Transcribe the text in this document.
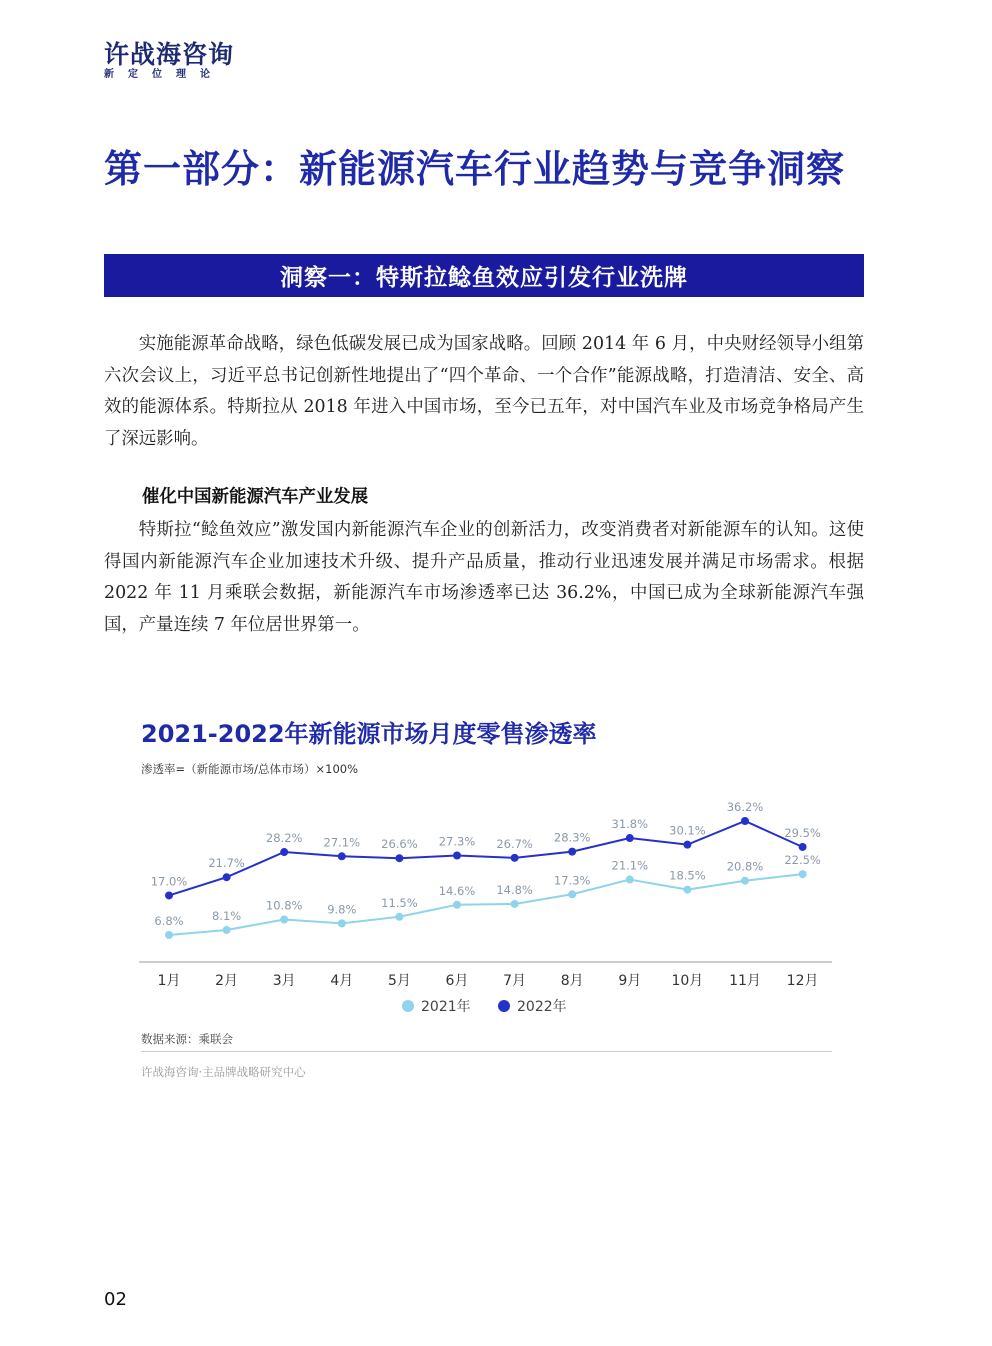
许战海咨询
新定位理论
第一部分：新能源汽车行业趋势与竞争洞察
洞察一：特斯拉鲶鱼效应引发行业洗牌

实施能源革命战略，绿色低碳发展已成为国家战略。回顾 2014 年 6 月，中央财经领导小组第六次会议上，习近平总书记创新性地提出了“四个革命、一个合作”能源战略，打造清洁、安全、高效的能源体系。特斯拉从 2018 年进入中国市场，至今已五年，对中国汽车业及市场竞争格局产生了深远影响。

催化中国新能源汽车产业发展

特斯拉“鲶鱼效应”激发国内新能源汽车企业的创新活力，改变消费者对新能源车的认知。这使得国内新能源汽车企业加速技术升级、提升产品质量，推动行业迅速发展并满足市场需求。根据 2022 年 11 月乘联会数据，新能源汽车市场渗透率已达 36.2%，中国已成为全球新能源汽车强国，产量连续 7 年位居世界第一。

2021-2022年新能源市场月度零售渗透率
渗透率=（新能源市场/总体市场）×100%
1月 2月 3月 4月 5月 6月 7月 8月 9月 10月 11月 12月
6.8% 8.1%
10.8% 9.8% 11.5%
14.6% 14.8%
17.3%
21.1%
18.5%
20.8% 22.5%
17.0%
21.7%
28.2% 27.1% 26.6% 27.3% 26.7% 28.3%
31.8% 30.1%
36.2%
29.5%
2021年	2022年
数据来源：乘联会
许战海咨询·主品牌战略研究中心
02
